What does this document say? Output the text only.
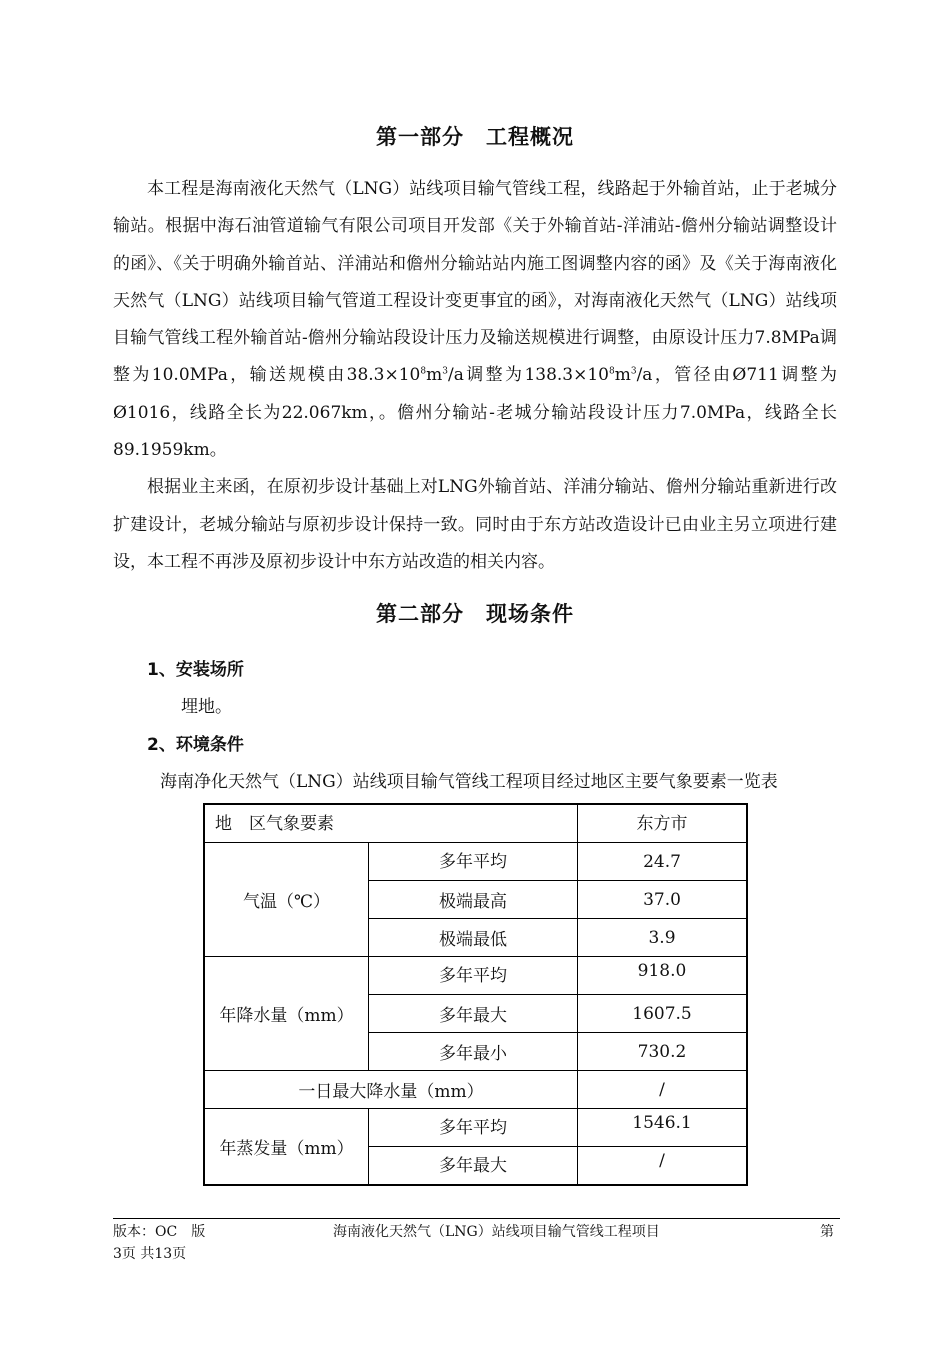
第一部分　工程概况

本工程是海南液化天然气（LNG）站线项目输气管线工程，线路起于外输首站，止于老城分输站。根据中海石油管道输气有限公司项目开发部《关于外输首站-洋浦站-儋州分输站调整设计的函》、《关于明确外输首站、洋浦站和儋州分输站站内施工图调整内容的函》及《关于海南液化天然气（LNG）站线项目输气管道工程设计变更事宜的函》，对海南液化天然气（LNG）站线项目输气管线工程外输首站-儋州分输站段设计压力及输送规模进行调整，由原设计压力7.8MPa调整为10.0MPa，输送规模由$38.3\times 10^8m^3/a$调整为$138.3\times 10^8m^3/a$，管径由Ø711调整为Ø1016，线路全长为22.067km，。儋州分输站-老城分输站段设计压力7.0MPa，线路全长89.1959km。

根据业主来函，在原初步设计基础上对LNG外输首站、洋浦分输站、儋州分输站重新进行改扩建设计，老城分输站与原初步设计保持一致。同时由于东方站改造设计已由业主另立项进行建设，本工程不再涉及原初步设计中东方站改造的相关内容。

第二部分　现场条件
1、安装场所
埋地。
2、环境条件
海南净化天然气（LNG）站线项目输气管线工程项目经过地区主要气象要素一览表
地　区气象要素		东方市
气温（℃）	多年平均	24.7
	极端最高	37.0
	极端最低	3.9
年降水量（mm）	多年平均	918.0
	多年最大	1607.5
	多年最小	730.2
一日最大降水量（mm）		/
年蒸发量（mm）	多年平均	1546.1
	多年最大	/
版本：OC　版	海南液化天然气（LNG）站线项目输气管线工程项目	第
3页 共13页
